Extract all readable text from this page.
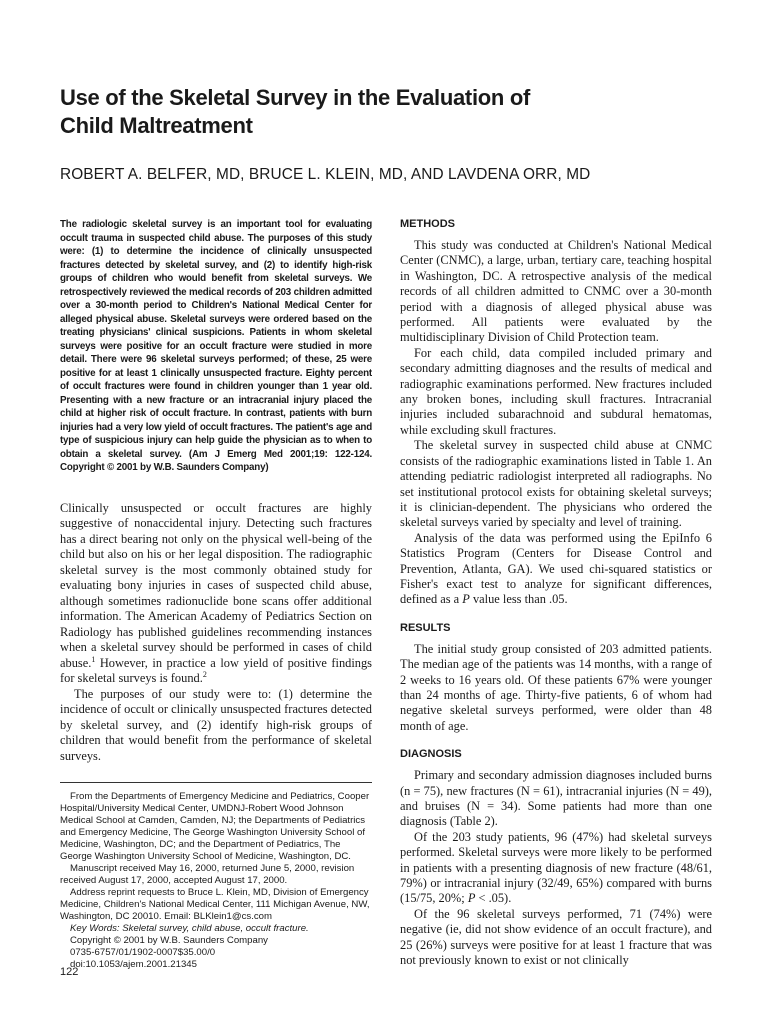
Use of the Skeletal Survey in the Evaluation of
Child Maltreatment

ROBERT A. BELFER, MD, BRUCE L. KLEIN, MD, AND LAVDENA ORR, MD

The radiologic skeletal survey is an important tool for evaluating occult trauma in suspected child abuse. The purposes of this study were: (1) to determine the incidence of clinically unsuspected fractures detected by skeletal survey, and (2) to identify high-risk groups of children who would benefit from skeletal surveys. We retrospectively reviewed the medical records of 203 children admitted over a 30-month period to Children's National Medical Center for alleged physical abuse. Skeletal surveys were ordered based on the treating physicians' clinical suspicions. Patients in whom skeletal surveys were positive for an occult fracture were studied in more detail. There were 96 skeletal surveys performed; of these, 25 were positive for at least 1 clinically unsuspected fracture. Eighty percent of occult fractures were found in children younger than 1 year old. Presenting with a new fracture or an intracranial injury placed the child at higher risk of occult fracture. In contrast, patients with burn injuries had a very low yield of occult fractures. The patient's age and type of suspicious injury can help guide the physician as to when to obtain a skeletal survey. (Am J Emerg Med 2001;19: 122-124. Copyright © 2001 by W.B. Saunders Company)

Clinically unsuspected or occult fractures are highly suggestive of nonaccidental injury. Detecting such fractures has a direct bearing not only on the physical well-being of the child but also on his or her legal disposition. The radiographic skeletal survey is the most commonly obtained study for evaluating bony injuries in cases of suspected child abuse, although sometimes radionuclide bone scans offer additional information. The American Academy of Pediatrics Section on Radiology has published guidelines recommending instances when a skeletal survey should be performed in cases of child abuse.$^1$ However, in practice a low yield of positive findings for skeletal surveys is found.$^2$

The purposes of our study were to: (1) determine the incidence of occult or clinically unsuspected fractures detected by skeletal survey, and (2) identify high-risk groups of children that would benefit from the performance of skeletal surveys.

From the Departments of Emergency Medicine and Pediatrics, Cooper Hospital/University Medical Center, UMDNJ-Robert Wood Johnson Medical School at Camden, Camden, NJ; the Departments of Pediatrics and Emergency Medicine, The George Washington University School of Medicine, Washington, DC; and the Department of Pediatrics, The George Washington University School of Medicine, Washington, DC.

Manuscript received May 16, 2000, returned June 5, 2000, revision received August 17, 2000, accepted August 17, 2000.

Address reprint requests to Bruce L. Klein, MD, Division of Emergency Medicine, Children's National Medical Center, 111 Michigan Avenue, NW, Washington, DC 20010. Email: BLKlein1@cs.com

Key Words: Skeletal survey, child abuse, occult fracture.

Copyright © 2001 by W.B. Saunders Company

0735-6757/01/1902-0007$35.00/0

doi:10.1053/ajem.2001.21345

METHODS

This study was conducted at Children's National Medical Center (CNMC), a large, urban, tertiary care, teaching hospital in Washington, DC. A retrospective analysis of the medical records of all children admitted to CNMC over a 30-month period with a diagnosis of alleged physical abuse was performed. All patients were evaluated by the multidisciplinary Division of Child Protection team.

For each child, data compiled included primary and secondary admitting diagnoses and the results of medical and radiographic examinations performed. New fractures included any broken bones, including skull fractures. Intracranial injuries included subarachnoid and subdural hematomas, while excluding skull fractures.

The skeletal survey in suspected child abuse at CNMC consists of the radiographic examinations listed in Table 1. An attending pediatric radiologist interpreted all radiographs. No set institutional protocol exists for obtaining skeletal surveys; it is clinician-dependent. The physicians who ordered the skeletal surveys varied by specialty and level of training.

Analysis of the data was performed using the EpiInfo 6 Statistics Program (Centers for Disease Control and Prevention, Atlanta, GA). We used chi-squared statistics or Fisher's exact test to analyze for significant differences, defined as a P value less than .05.

RESULTS

The initial study group consisted of 203 admitted patients. The median age of the patients was 14 months, with a range of 2 weeks to 16 years old. Of these patients 67% were younger than 24 months of age. Thirty-five patients, 6 of whom had negative skeletal surveys performed, were older than 48 month of age.

DIAGNOSIS

Primary and secondary admission diagnoses included burns (n = 75), new fractures (N = 61), intracranial injuries (N = 49), and bruises (N = 34). Some patients had more than one diagnosis (Table 2).

Of the 203 study patients, 96 (47%) had skeletal surveys performed. Skeletal surveys were more likely to be performed in patients with a presenting diagnosis of new fracture (48/61, 79%) or intracranial injury (32/49, 65%) compared with burns (15/75, 20%; P < .05).

Of the 96 skeletal surveys performed, 71 (74%) were negative (ie, did not show evidence of an occult fracture), and 25 (26%) surveys were positive for at least 1 fracture that was not previously known to exist or not clinically

122
